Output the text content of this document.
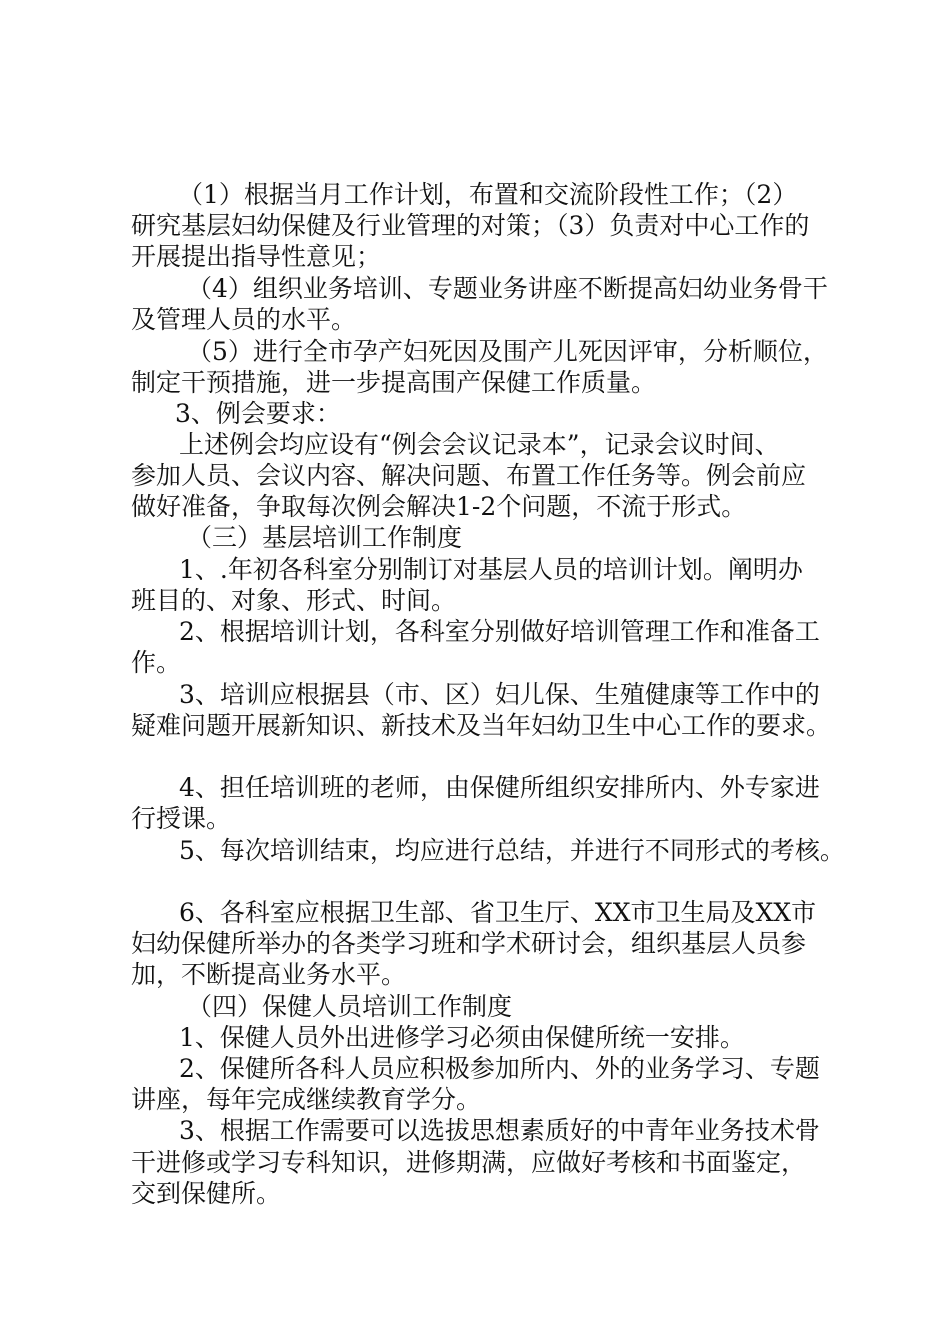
（1）根据当月工作计划，布置和交流阶段性工作；（2）
研究基层妇幼保健及行业管理的对策；（3）负责对中心工作的
开展提出指导性意见；
（4）组织业务培训、专题业务讲座不断提高妇幼业务骨干
及管理人员的水平。
（5）进行全市孕产妇死因及围产儿死因评审，分析顺位，
制定干预措施，进一步提高围产保健工作质量。
3、例会要求：
上述例会均应设有“例会会议记录本”，记录会议时间、
参加人员、会议内容、解决问题、布置工作任务等。例会前应
做好准备，争取每次例会解决1-2个问题，不流于形式。
（三）基层培训工作制度
1、.年初各科室分别制订对基层人员的培训计划。阐明办
班目的、对象、形式、时间。
2、根据培训计划，各科室分别做好培训管理工作和准备工
作。
3、培训应根据县（市、区）妇儿保、生殖健康等工作中的
疑难问题开展新知识、新技术及当年妇幼卫生中心工作的要求。
4、担任培训班的老师，由保健所组织安排所内、外专家进
行授课。
5、每次培训结束，均应进行总结，并进行不同形式的考核。
6、各科室应根据卫生部、省卫生厅、XX市卫生局及XX市
妇幼保健所举办的各类学习班和学术研讨会，组织基层人员参
加，不断提高业务水平。
（四）保健人员培训工作制度
1、保健人员外出进修学习必须由保健所统一安排。
2、保健所各科人员应积极参加所内、外的业务学习、专题
讲座，每年完成继续教育学分。
3、根据工作需要可以选拔思想素质好的中青年业务技术骨
干进修或学习专科知识，进修期满，应做好考核和书面鉴定，
交到保健所。
